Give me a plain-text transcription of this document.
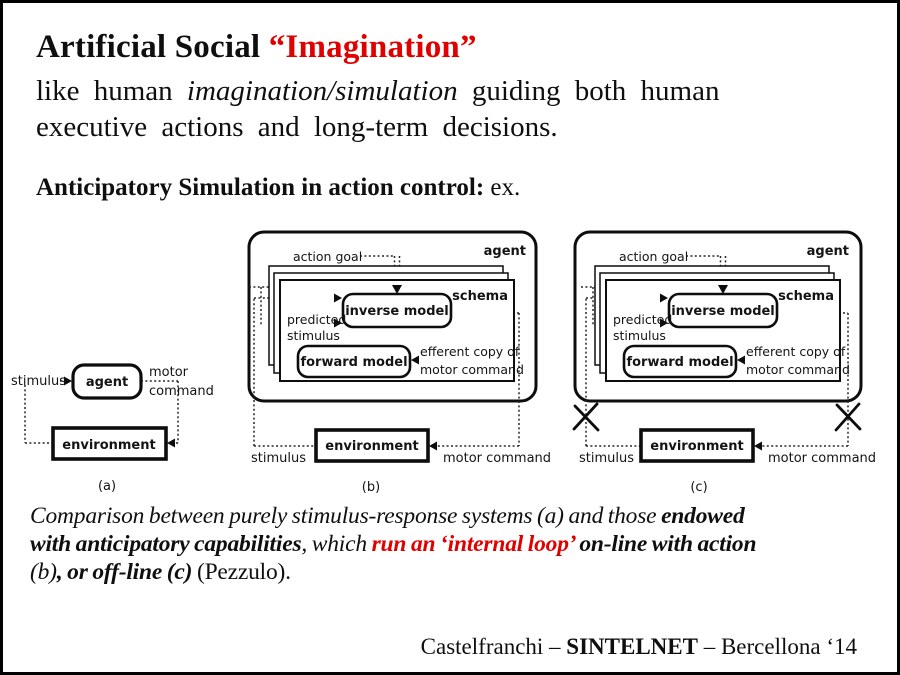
Artificial Social “Imagination”
like human imagination/simulation guiding both human
executive actions and long-term decisions.
Anticipatory Simulation in action control: ex.
agent
environment
stimulus
motor
command
(a)
schema
inverse model
forward model
agent
action goal
predicted
stimulus
efferent copy of
motor command
environment
stimulus	motor command
(b)
schema
inverse model
forward model
agent
action goal
predicted
stimulus
efferent copy of
motor command
environment
stimulus	motor command
(c)
Comparison between purely stimulus-response systems (a) and those endowed
with anticipatory capabilities, which run an ‘internal loop’ on-line with action
(b), or off-line (c) (Pezzulo).
Castelfranchi – SINTELNET – Bercellona ‘14
